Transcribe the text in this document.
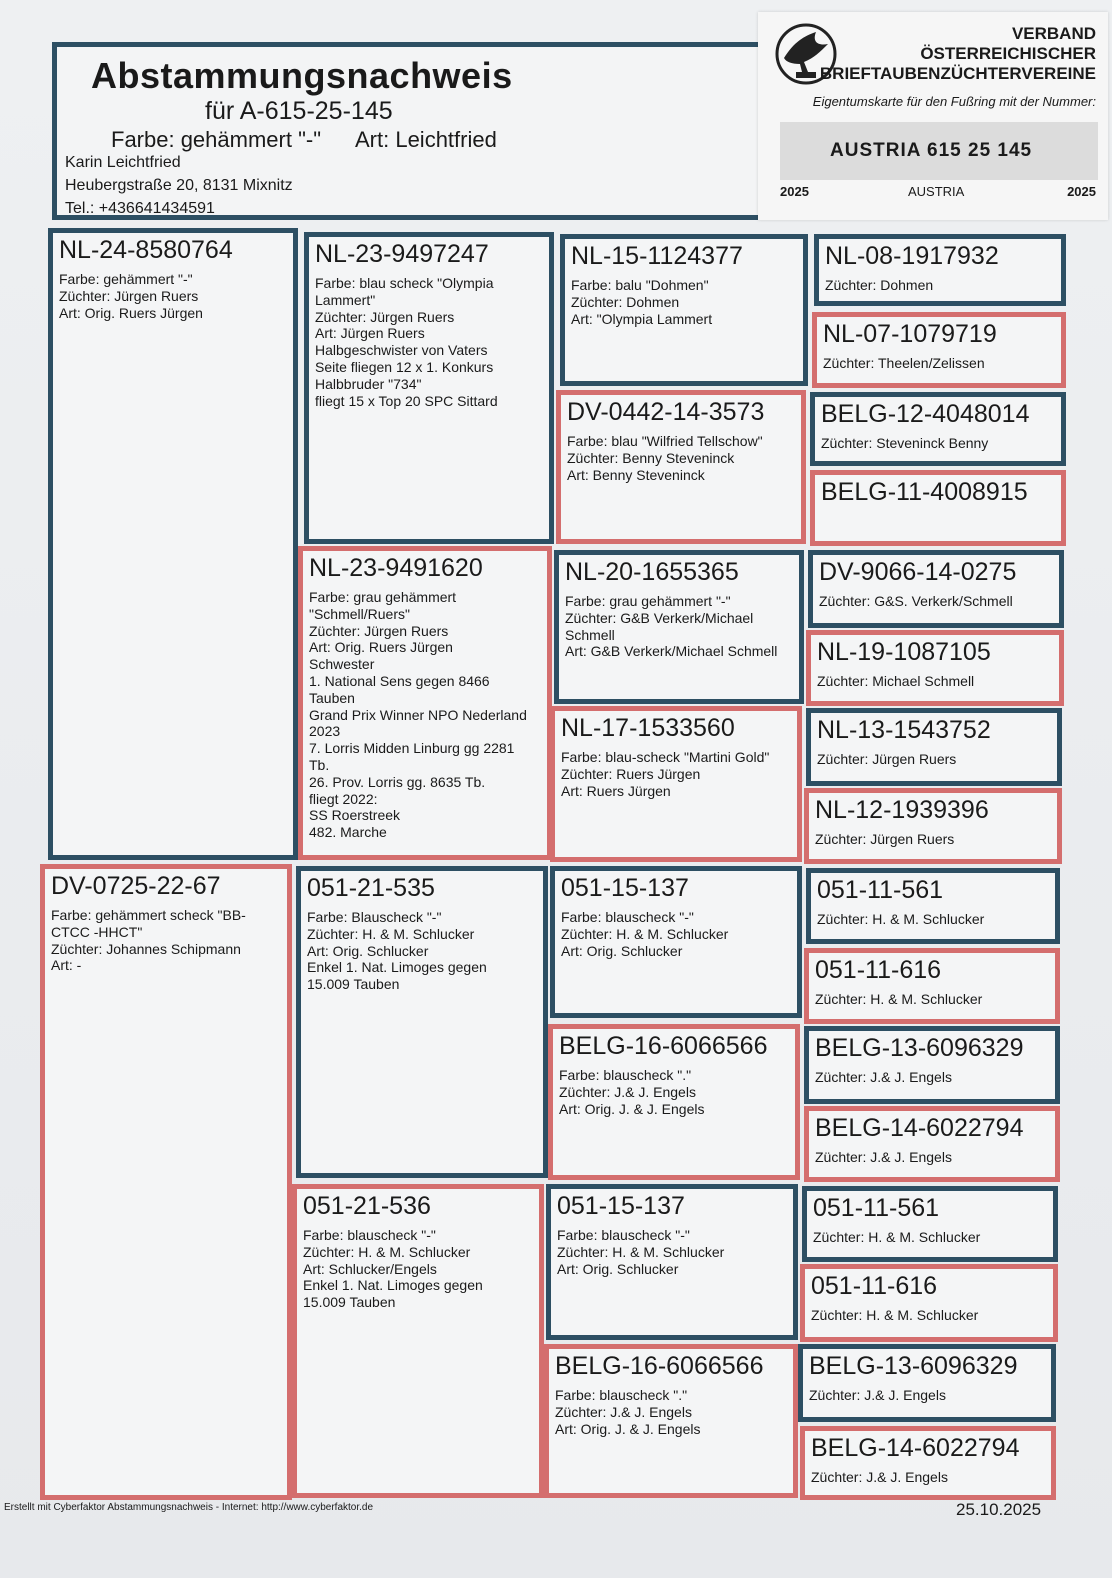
Abstammungsnachweis
für A-615-25-145
Farbe: gehämmert "-" Art: Leichtfried
Karin Leichtfried
Heubergstraße 20, 8131 Mixnitz
Tel.: +436641434591
VERBAND
ÖSTERREICHISCHER
BRIEFTAUBENZÜCHTERVEREINE
Eigentumskarte für den Fußring mit der Nummer:
AUSTRIA 615 25 145
2025	AUSTRIA	2025
NL-24-8580764
Farbe: gehämmert "-"
Züchter: Jürgen Ruers
Art: Orig. Ruers Jürgen
DV-0725-22-67
Farbe: gehämmert scheck "BB-
CTCC -HHCT"
Züchter: Johannes Schipmann
Art: -
NL-23-9497247
Farbe: blau scheck "Olympia
Lammert"
Züchter: Jürgen Ruers
Art: Jürgen Ruers
Halbgeschwister von Vaters
Seite fliegen 12 x 1. Konkurs
Halbbruder "734"
fliegt 15 x Top 20 SPC Sittard
NL-23-9491620
Farbe: grau gehämmert
"Schmell/Ruers"
Züchter: Jürgen Ruers
Art: Orig. Ruers Jürgen
Schwester
1. National Sens gegen 8466
Tauben
Grand Prix Winner NPO Nederland
2023
7. Lorris Midden Linburg gg 2281
Tb.
26. Prov. Lorris gg. 8635 Tb.
fliegt 2022:
SS Roerstreek
482. Marche
051-21-535
Farbe: Blauscheck "-"
Züchter: H. & M. Schlucker
Art: Orig. Schlucker
Enkel 1. Nat. Limoges gegen
15.009 Tauben
051-21-536
Farbe: blauscheck "-"
Züchter: H. & M. Schlucker
Art: Schlucker/Engels
Enkel 1. Nat. Limoges gegen
15.009 Tauben
NL-15-1124377
Farbe: balu "Dohmen"
Züchter: Dohmen
Art: "Olympia Lammert
DV-0442-14-3573
Farbe: blau "Wilfried Tellschow"
Züchter: Benny Steveninck
Art: Benny Steveninck
NL-20-1655365
Farbe: grau gehämmert "-"
Züchter: G&B Verkerk/Michael
Schmell
Art: G&B Verkerk/Michael Schmell
NL-17-1533560
Farbe: blau-scheck "Martini Gold"
Züchter: Ruers Jürgen
Art: Ruers Jürgen
051-15-137
Farbe: blauscheck "-"
Züchter: H. & M. Schlucker
Art: Orig. Schlucker
BELG-16-6066566
Farbe: blauscheck "."
Züchter: J.& J. Engels
Art: Orig. J. & J. Engels
051-15-137
Farbe: blauscheck "-"
Züchter: H. & M. Schlucker
Art: Orig. Schlucker
BELG-16-6066566
Farbe: blauscheck "."
Züchter: J.& J. Engels
Art: Orig. J. & J. Engels
NL-08-1917932
Züchter: Dohmen
NL-07-1079719
Züchter: Theelen/Zelissen
BELG-12-4048014
Züchter: Steveninck Benny
BELG-11-4008915
DV-9066-14-0275
Züchter: G&S. Verkerk/Schmell
NL-19-1087105
Züchter: Michael Schmell
NL-13-1543752
Züchter: Jürgen Ruers
NL-12-1939396
Züchter: Jürgen Ruers
051-11-561
Züchter: H. & M. Schlucker
051-11-616
Züchter: H. & M. Schlucker
BELG-13-6096329
Züchter: J.& J. Engels
BELG-14-6022794
Züchter: J.& J. Engels
051-11-561
Züchter: H. & M. Schlucker
051-11-616
Züchter: H. & M. Schlucker
BELG-13-6096329
Züchter: J.& J. Engels
BELG-14-6022794
Züchter: J.& J. Engels
Erstellt mit Cyberfaktor Abstammungsnachweis - Internet: http://www.cyberfaktor.de	25.10.2025
